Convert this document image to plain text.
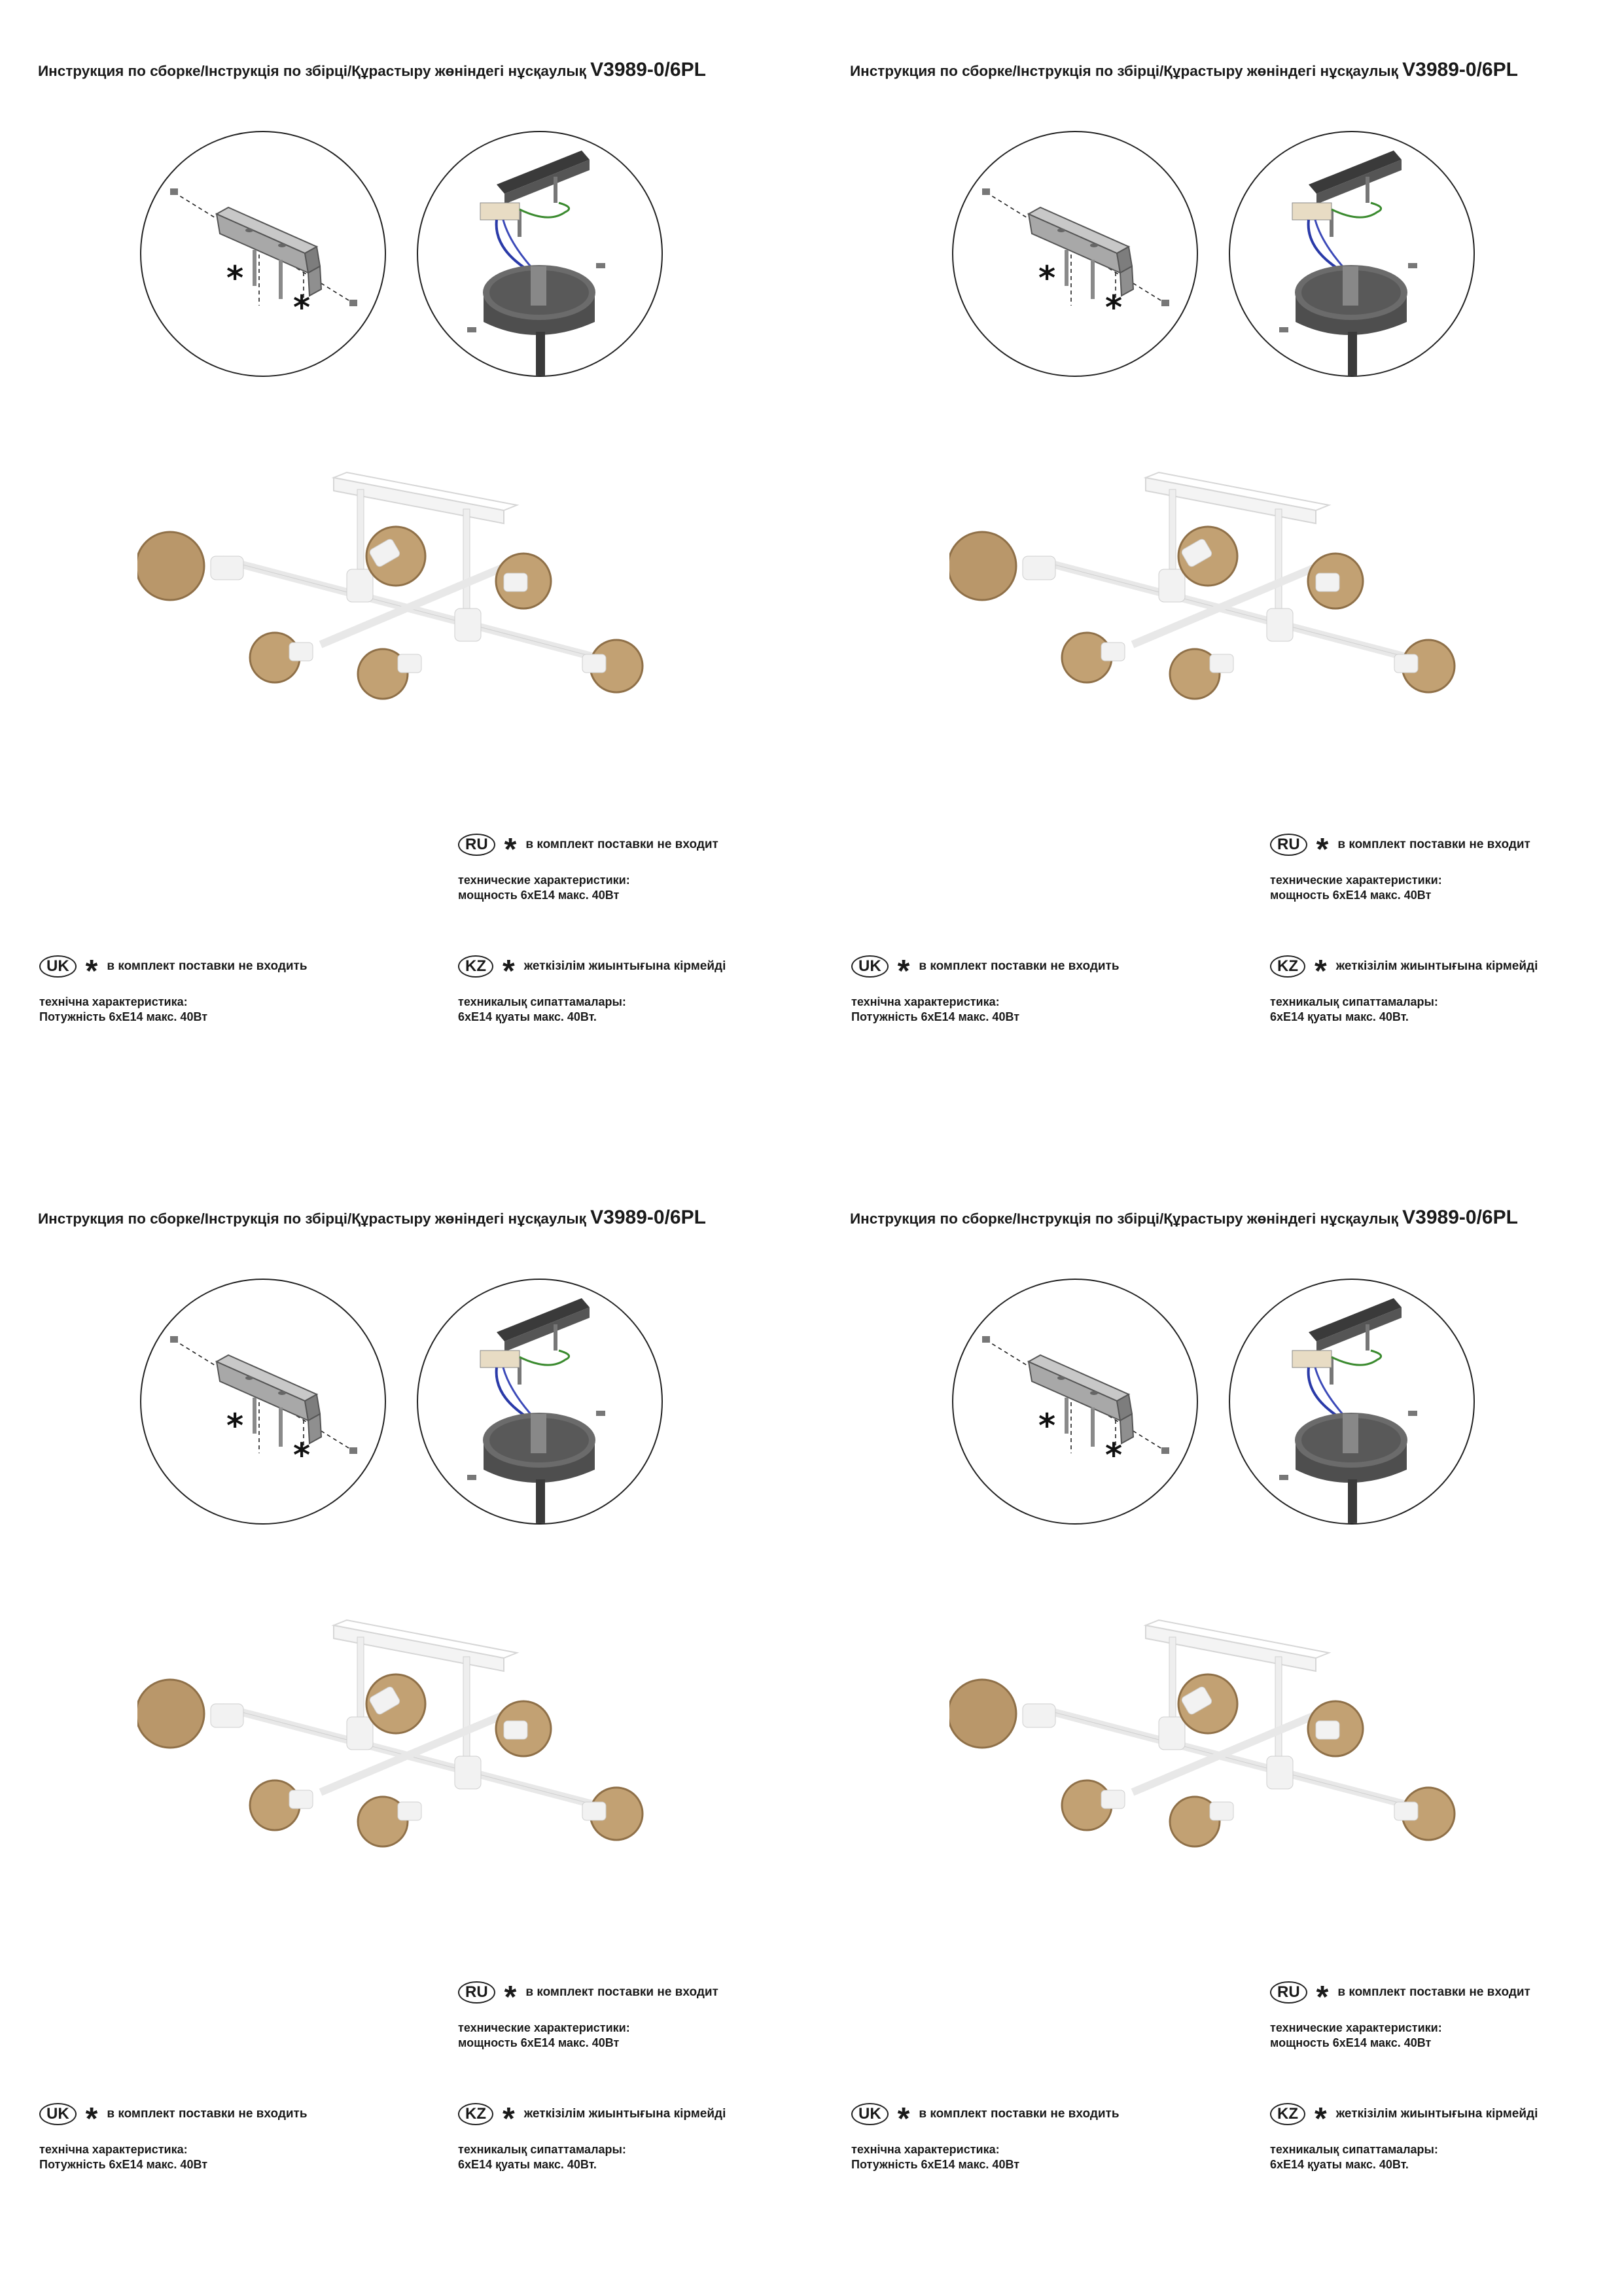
Инструкция по сборке/Інструкція по збірці/Құрастыру жөніндегі нұсқаулық V3989-0/6PL
*
*
RU * в комплект поставки не входит
технические характеристики:
мощность 6хЕ14 макс. 40Вт
UK * в комплект поставки не входить
технічна характеристика:
Потужність 6хЕ14 макс. 40Вт
KZ * жеткізілім жиынтығына кірмейді
техникалық сипаттамалары:
6хЕ14 қуаты макс. 40Вт.
Инструкция по сборке/Інструкція по збірці/Құрастыру жөніндегі нұсқаулық V3989-0/6PL
*
*
RU * в комплект поставки не входит
технические характеристики:
мощность 6хЕ14 макс. 40Вт
UK * в комплект поставки не входить
технічна характеристика:
Потужність 6хЕ14 макс. 40Вт
KZ * жеткізілім жиынтығына кірмейді
техникалық сипаттамалары:
6хЕ14 қуаты макс. 40Вт.
Инструкция по сборке/Інструкція по збірці/Құрастыру жөніндегі нұсқаулық V3989-0/6PL
*
*
RU * в комплект поставки не входит
технические характеристики:
мощность 6хЕ14 макс. 40Вт
UK * в комплект поставки не входить
технічна характеристика:
Потужність 6хЕ14 макс. 40Вт
KZ * жеткізілім жиынтығына кірмейді
техникалық сипаттамалары:
6хЕ14 қуаты макс. 40Вт.
Инструкция по сборке/Інструкція по збірці/Құрастыру жөніндегі нұсқаулық V3989-0/6PL
*
*
RU * в комплект поставки не входит
технические характеристики:
мощность 6хЕ14 макс. 40Вт
UK * в комплект поставки не входить
технічна характеристика:
Потужність 6хЕ14 макс. 40Вт
KZ * жеткізілім жиынтығына кірмейді
техникалық сипаттамалары:
6хЕ14 қуаты макс. 40Вт.
